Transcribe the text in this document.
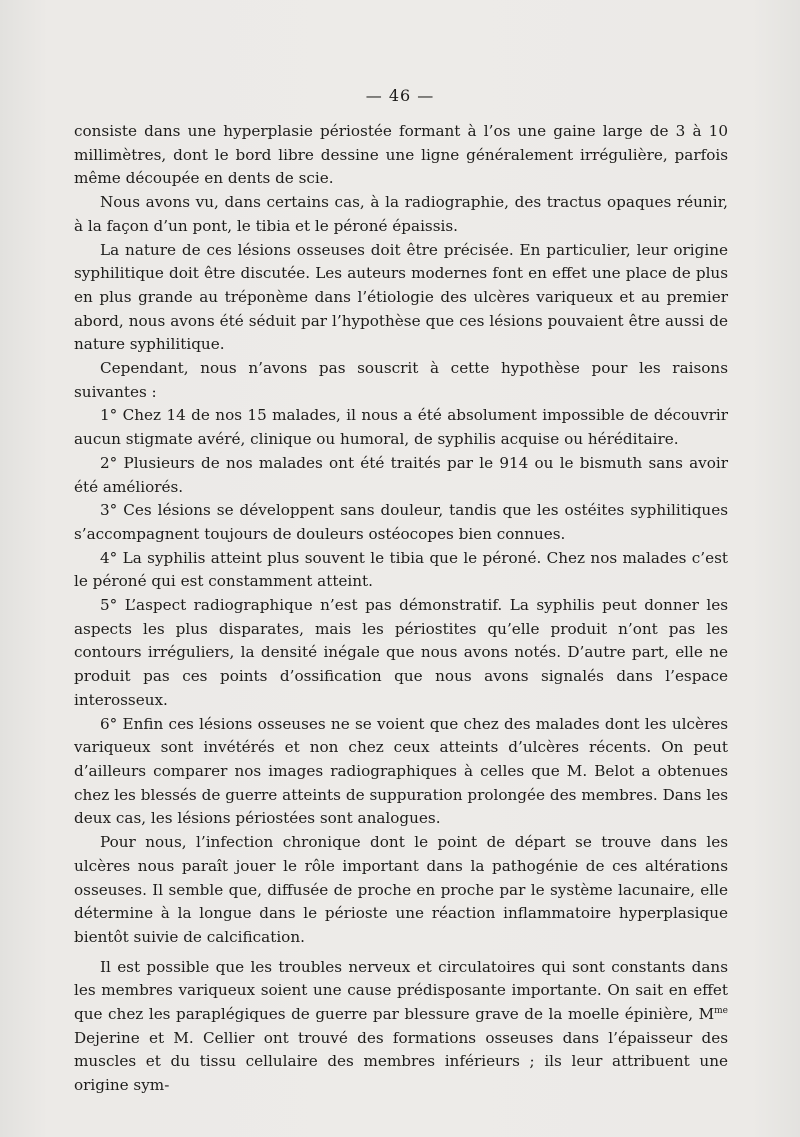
— 46 —

consiste dans une hyperplasie périostée formant à l’os une gaine large de 3 à 10 millimètres, dont le bord libre dessine une ligne généralement irrégulière, parfois même découpée en dents de scie.

Nous avons vu, dans certains cas, à la radiographie, des tractus opaques réunir, à la façon d’un pont, le tibia et le péroné épaissis.

La nature de ces lésions osseuses doit être précisée. En particulier, leur origine syphilitique doit être discutée. Les auteurs modernes font en effet une place de plus en plus grande au tréponème dans l’étiologie des ulcères variqueux et au premier abord, nous avons été séduit par l’hypothèse que ces lésions pouvaient être aussi de nature syphilitique.

Cependant, nous n’avons pas souscrit à cette hypothèse pour les raisons suivantes :

1° Chez 14 de nos 15 malades, il nous a été absolument impossible de découvrir aucun stigmate avéré, clinique ou humoral, de syphilis acquise ou héréditaire.

2° Plusieurs de nos malades ont été traités par le 914 ou le bismuth sans avoir été améliorés.

3° Ces lésions se développent sans douleur, tandis que les ostéites syphilitiques s’accompagnent toujours de douleurs ostéocopes bien connues.

4° La syphilis atteint plus souvent le tibia que le péroné. Chez nos malades c’est le péroné qui est constamment atteint.

5° L’aspect radiographique n’est pas démonstratif. La syphilis peut donner les aspects les plus disparates, mais les périostites qu’elle produit n’ont pas les contours irréguliers, la densité inégale que nous avons notés. D’autre part, elle ne produit pas ces points d’ossification que nous avons signalés dans l’espace interosseux.

6° Enfin ces lésions osseuses ne se voient que chez des malades dont les ulcères variqueux sont invétérés et non chez ceux atteints d’ulcères récents. On peut d’ailleurs comparer nos images radiographiques à celles que M. Belot a obtenues chez les blessés de guerre atteints de suppuration prolongée des membres. Dans les deux cas, les lésions périostées sont analogues.

Pour nous, l’infection chronique dont le point de départ se trouve dans les ulcères nous paraît jouer le rôle important dans la pathogénie de ces altérations osseuses. Il semble que, diffusée de proche en proche par le système lacunaire, elle détermine à la longue dans le périoste une réaction inflammatoire hyperplasique bientôt suivie de calcification.

Il est possible que les troubles nerveux et circulatoires qui sont constants dans les membres variqueux soient une cause prédisposante importante. On sait en effet que chez les paraplégiques de guerre par blessure grave de la moelle épinière, $M^{me}$ Dejerine et M. Cellier ont trouvé des formations osseuses dans l’épaisseur des muscles et du tissu cellulaire des membres inférieurs ; ils leur attribuent une origine sym-
